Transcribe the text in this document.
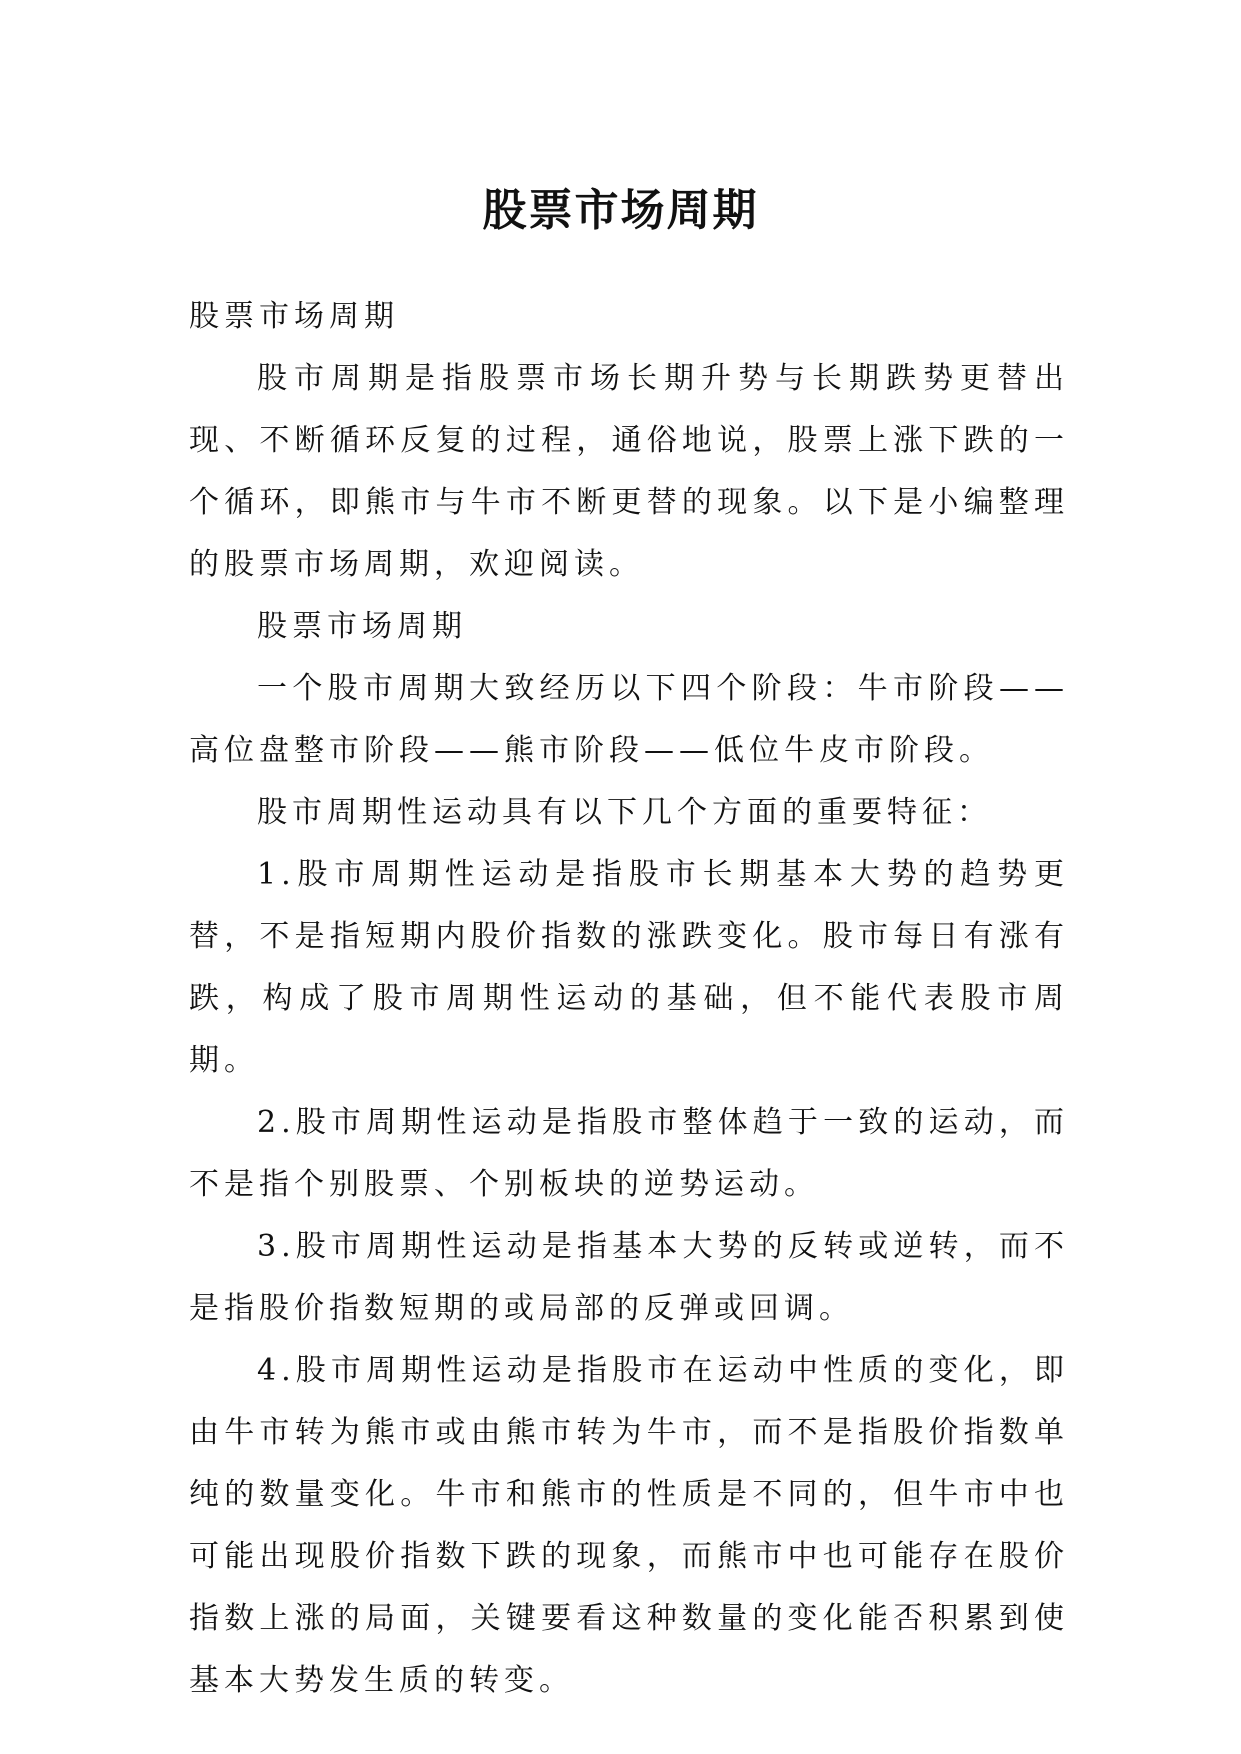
股票市场周期

股票市场周期

股市周期是指股票市场长期升势与长期跌势更替出现、不断循环反复的过程，通俗地说，股票上涨下跌的一个循环，即熊市与牛市不断更替的现象。以下是小编整理的股票市场周期，欢迎阅读。

股票市场周期

一个股市周期大致经历以下四个阶段：牛市阶段——高位盘整市阶段——熊市阶段——低位牛皮市阶段。

股市周期性运动具有以下几个方面的重要特征：

1.股市周期性运动是指股市长期基本大势的趋势更替，不是指短期内股价指数的涨跌变化。股市每日有涨有跌，构成了股市周期性运动的基础，但不能代表股市周期。

2.股市周期性运动是指股市整体趋于一致的运动，而不是指个别股票、个别板块的逆势运动。

3.股市周期性运动是指基本大势的反转或逆转，而不是指股价指数短期的或局部的反弹或回调。

4.股市周期性运动是指股市在运动中性质的变化，即由牛市转为熊市或由熊市转为牛市，而不是指股价指数单纯的数量变化。牛市和熊市的性质是不同的，但牛市中也可能出现股价指数下跌的现象，而熊市中也可能存在股价指数上涨的局面，关键要看这种数量的变化能否积累到使基本大势发生质的转变。
